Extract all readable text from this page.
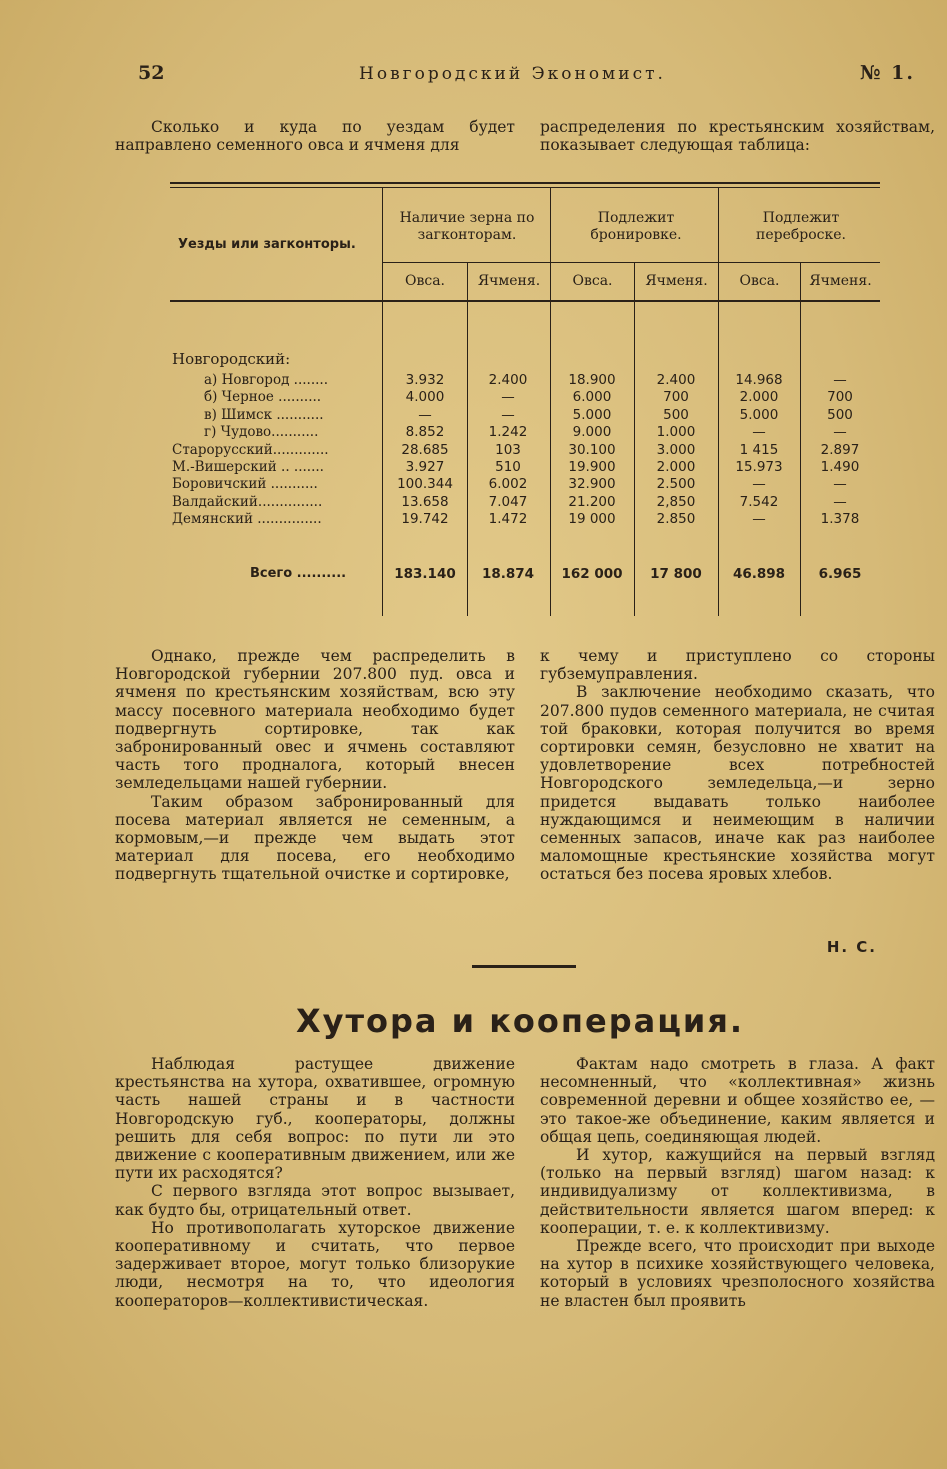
52	Новгородский Экономист.	№ 1.

Сколько и куда по уездам будет направлено семенного овса и ячменя для

распределения по крестьянским хозяйствам, показывает следующая таблица:

Уезды или загконторы.
Наличие зерна по загконторам.
Подлежит бронировке.
Подлежит переброске.
Овса.	Ячменя.	Овса.	Ячменя.	Овса.	Ячменя.
Новгородский:
а) Новгород ........	3.932	2.400	18.900	2.400	14.968	—
б) Черное ..........	4.000	—	6.000	700	2.000	700
в) Шимск ...........	—	—	5.000	500	5.000	500
г) Чудово...........	8.852	1.242	9.000	1.000	—	—
Старорусский.............	28.685	103	30.100	3.000	1 415	2.897
М.-Вишерский .. .......	3.927	510	19.900	2.000	15.973	1.490
Боровичский ...........	100.344	6.002	32.900	2.500	—	—
Валдайский...............	13.658	7.047	21.200	2,850	7.542	—
Демянский ...............	19.742	1.472	19 000	2.850	—	1.378
Всего ..........	183.140	18.874	162 000	17 800	46.898	6.965

Однако, прежде чем распределить в Новгородской губернии 207.800 пуд. овса и ячменя по крестьянским хозяйствам, всю эту массу посевного материала необходимо будет подвергнуть сортировке, так как забронированный овес и ячмень составляют часть того продналога, который внесен земледельцами нашей губернии.

Таким образом забронированный для посева материал является не семенным, а кормовым,—и прежде чем выдать этот материал для посева, его необходимо подвергнуть тщательной очистке и сортировке,

к чему и приступлено со стороны губземуправления.

В заключение необходимо сказать, что 207.800 пудов семенного материала, не считая той браковки, которая получится во время сортировки семян, безусловно не хватит на удовлетворение всех потребностей Новгородского земледельца,—и зерно придется выдавать только наиболее нуждающимся и неимеющим в наличии семенных запасов, иначе как раз наиболее маломощные крестьянские хозяйства могут остаться без посева яровых хлебов.

Н. С.
Хутора и кооперация.

Наблюдая растущее движение крестьянства на хутора, охватившее, огромную часть нашей страны и в частности Новгородскую губ., кооператоры, должны решить для себя вопрос: по пути ли это движение с кооперативным движением, или же пути их расходятся?

С первого взгляда этот вопрос вызывает, как будто бы, отрицательный ответ.

Но противополагать хуторское движение кооперативному и считать, что первое задерживает второе, могут только близорукие люди, несмотря на то, что идеология кооператоров—коллективистическая.

Фактам надо смотреть в глаза. А факт несомненный, что «коллективная» жизнь современной деревни и общее хозяйство ее, — это такое-же объединение, каким является и общая цепь, соединяющая людей.

И хутор, кажущийся на первый взгляд (только на первый взгляд) шагом назад: к индивидуализму от коллективизма, в действительности является шагом вперед: к кооперации, т. е. к коллективизму.

Прежде всего, что происходит при выходе на хутор в психике хозяйствующего человека, который в условиях чрезполосного хозяйства не властен был проявить
